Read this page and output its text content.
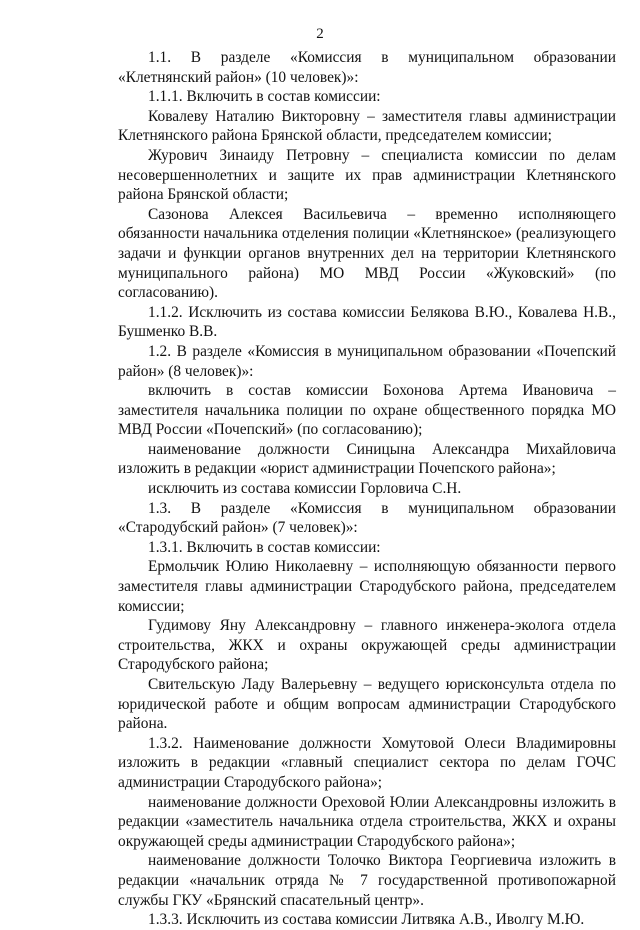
2

1.1. В разделе «Комиссия в муниципальном образовании «Клетнянский район» (10 человек)»:

1.1.1. Включить в состав комиссии:

Ковалеву Наталию Викторовну – заместителя главы администрации Клетнянского района Брянской области, председателем комиссии;

Журович Зинаиду Петровну – специалиста комиссии по делам несовершеннолетних и защите их прав администрации Клетнянского района Брянской области;

Сазонова Алексея Васильевича – временно исполняющего обязанности начальника отделения полиции «Клетнянское» (реализующего задачи и функции органов внутренних дел на территории Клетнянского муниципального района) МО МВД России «Жуковский» (по согласованию).

1.1.2. Исключить из состава комиссии Белякова В.Ю., Ковалева Н.В., Бушменко В.В.

1.2. В разделе «Комиссия в муниципальном образовании «Почепский район» (8 человек)»:

включить в состав комиссии Бохонова Артема Ивановича – заместителя начальника полиции по охране общественного порядка МО МВД России «Почепский» (по согласованию);

наименование должности Синицына Александра Михайловича изложить в редакции «юрист администрации Почепского района»;

исключить из состава комиссии Горловича С.Н.

1.3. В разделе «Комиссия в муниципальном образовании «Стародубский район» (7 человек)»:

1.3.1. Включить в состав комиссии:

Ермольчик Юлию Николаевну – исполняющую обязанности первого заместителя главы администрации Стародубского района, председателем комиссии;

Гудимову Яну Александровну – главного инженера-эколога отдела строительства, ЖКХ и охраны окружающей среды администрации Стародубского района;

Свительскую Ладу Валерьевну – ведущего юрисконсульта отдела по юридической работе и общим вопросам администрации Стародубского района.

1.3.2. Наименование должности Хомутовой Олеси Владимировны изложить в редакции «главный специалист сектора по делам ГОЧС администрации Стародубского района»;

наименование должности Ореховой Юлии Александровны изложить в редакции «заместитель начальника отдела строительства, ЖКХ и охраны окружающей среды администрации Стародубского района»;

наименование должности Толочко Виктора Георгиевича изложить в редакции «начальник отряда № 7 государственной противопожарной службы ГКУ «Брянский спасательный центр».

1.3.3. Исключить из состава комиссии Литвяка А.В., Иволгу М.Ю.
